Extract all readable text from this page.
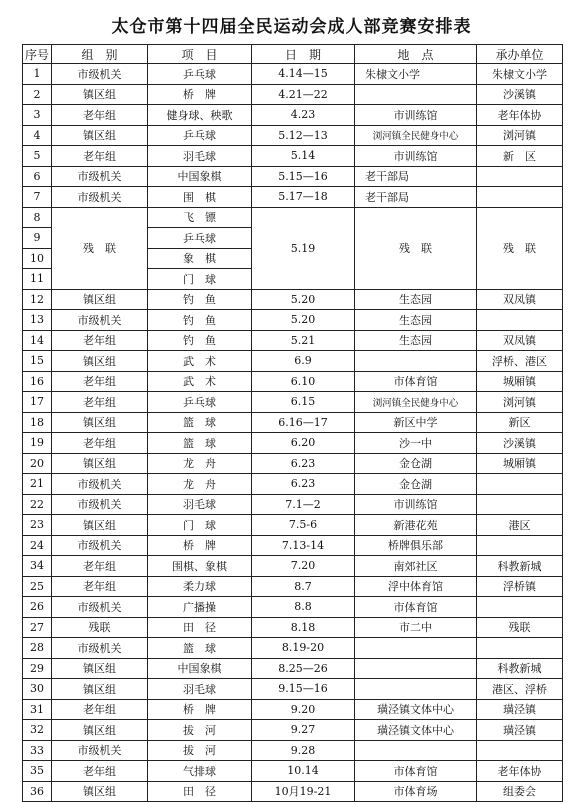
太仓市第十四届全民运动会成人部竞赛安排表
序号	组　别	项　目	日　期	地　点	承办单位
1	市级机关	乒乓球	4.14—15	朱棣文小学	朱棣文小学
2	镇区组	桥　牌	4.21—22		沙溪镇
3	老年组	健身球、秧歌	4.23	市训练馆	老年体协
4	镇区组	乒乓球	5.12—13	浏河镇全民健身中心	浏河镇
5	老年组	羽毛球	5.14	市训练馆	新　区
6	市级机关	中国象棋	5.15—16	老干部局	
7	市级机关	围　棋	5.17—18	老干部局	
8	残　联	飞　镖	5.19	残　联	残　联
9		乒乓球			
10		象　棋			
11		门　球			
12	镇区组	钓　鱼	5.20	生态园	双凤镇
13	市级机关	钓　鱼	5.20	生态园	
14	老年组	钓　鱼	5.21	生态园	双凤镇
15	镇区组	武　术	6.9		浮桥、港区
16	老年组	武　术	6.10	市体育馆	城厢镇
17	老年组	乒乓球	6.15	浏河镇全民健身中心	浏河镇
18	镇区组	篮　球	6.16—17	新区中学	新区
19	老年组	篮　球	6.20	沙一中	沙溪镇
20	镇区组	龙　舟	6.23	金仓湖	城厢镇
21	市级机关	龙　舟	6.23	金仓湖	
22	市级机关	羽毛球	7.1—2	市训练馆	
23	镇区组	门　球	7.5-6	新港花苑	港区
24	市级机关	桥　牌	7.13-14	桥牌俱乐部	
34	老年组	围棋、象棋	7.20	南郊社区	科教新城
25	老年组	柔力球	8.7	浮中体育馆	浮桥镇
26	市级机关	广播操	8.8	市体育馆	
27	残联	田　径	8.18	市二中	残联
28	市级机关	篮　球	8.19-20		
29	镇区组	中国象棋	8.25—26		科教新城
30	镇区组	羽毛球	9.15—16		港区、浮桥
31	老年组	桥　牌	9.20	璜泾镇文体中心	璜泾镇
32	镇区组	拔　河	9.27	璜泾镇文体中心	璜泾镇
33	市级机关	拔　河	9.28		
35	老年组	气排球	10.14	市体育馆	老年体协
36	镇区组	田　径	10月19-21	市体育场	组委会
